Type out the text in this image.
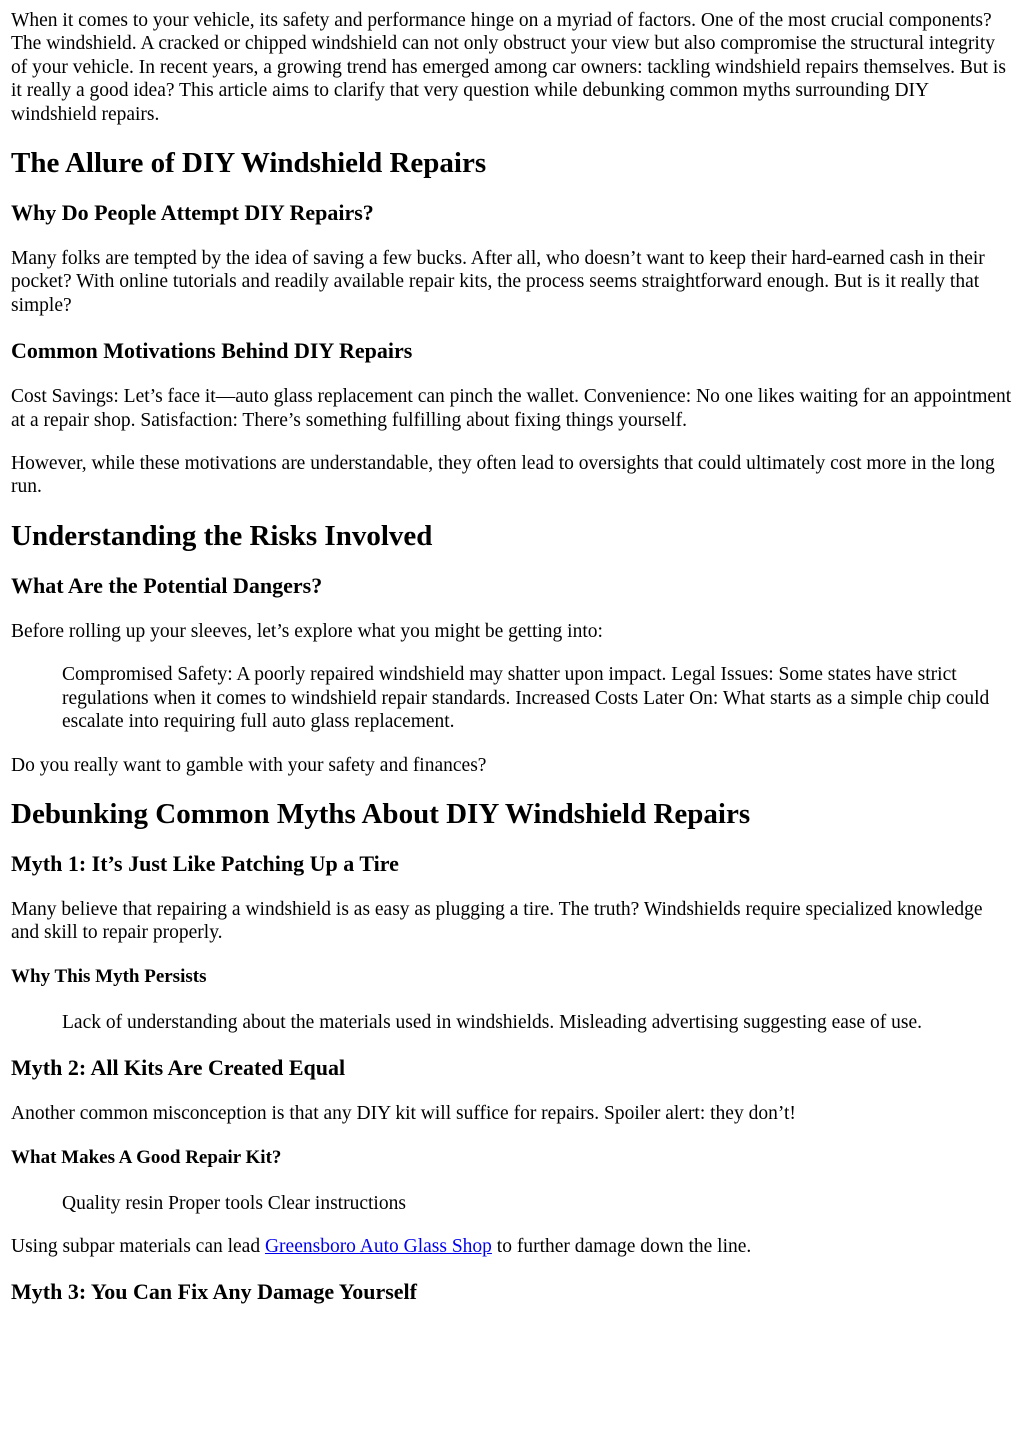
When it comes to your vehicle, its safety and performance hinge on a myriad of factors. One of the most crucial components? The windshield. A cracked or chipped windshield can not only obstruct your view but also compromise the structural integrity of your vehicle. In recent years, a growing trend has emerged among car owners: tackling windshield repairs themselves. But is it really a good idea? This article aims to clarify that very question while debunking common myths surrounding DIY windshield repairs.

The Allure of DIY Windshield Repairs
Why Do People Attempt DIY Repairs?

Many folks are tempted by the idea of saving a few bucks. After all, who doesn’t want to keep their hard-earned cash in their pocket? With online tutorials and readily available repair kits, the process seems straightforward enough. But is it really that simple?

Common Motivations Behind DIY Repairs

Cost Savings: Let’s face it—auto glass replacement can pinch the wallet. Convenience: No one likes waiting for an appointment at a repair shop. Satisfaction: There’s something fulfilling about fixing things yourself.

However, while these motivations are understandable, they often lead to oversights that could ultimately cost more in the long run.

Understanding the Risks Involved
What Are the Potential Dangers?

Before rolling up your sleeves, let’s explore what you might be getting into:

Compromised Safety: A poorly repaired windshield may shatter upon impact. Legal Issues: Some states have strict regulations when it comes to windshield repair standards. Increased Costs Later On: What starts as a simple chip could escalate into requiring full auto glass replacement.

Do you really want to gamble with your safety and finances?

Debunking Common Myths About DIY Windshield Repairs
Myth 1: It’s Just Like Patching Up a Tire

Many believe that repairing a windshield is as easy as plugging a tire. The truth? Windshields require specialized knowledge and skill to repair properly.

Why This Myth Persists
Lack of understanding about the materials used in windshields. Misleading advertising suggesting ease of use.
Myth 2: All Kits Are Created Equal

Another common misconception is that any DIY kit will suffice for repairs. Spoiler alert: they don’t!

What Makes A Good Repair Kit?
Quality resin Proper tools Clear instructions

Using subpar materials can lead Greensboro Auto Glass Shop to further damage down the line.

Myth 3: You Can Fix Any Damage Yourself
